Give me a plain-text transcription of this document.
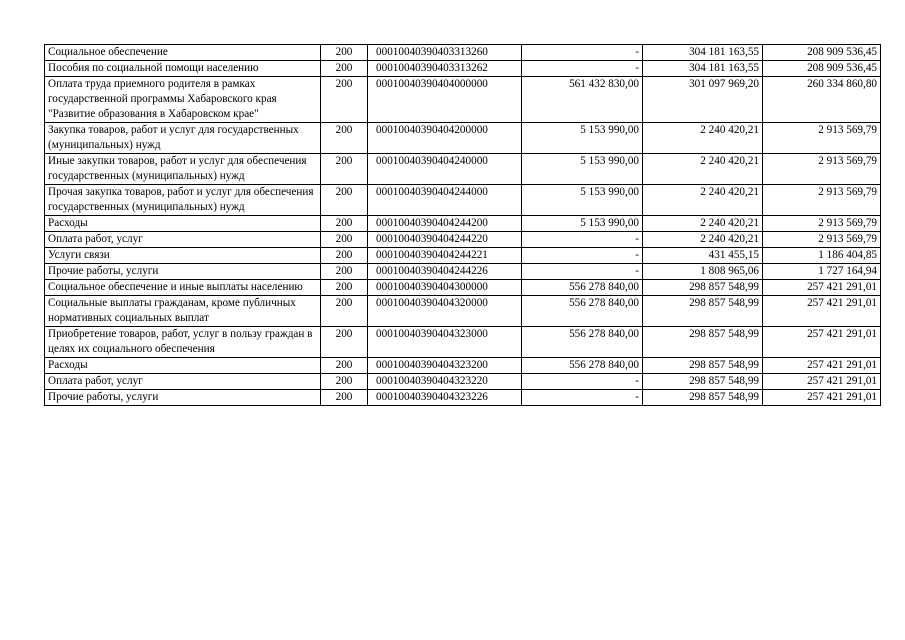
Социальное обеспечение	200	00010040390403313260	-	304 181 163,55	208 909 536,45
Пособия по социальной помощи населению	200	00010040390403313262	-	304 181 163,55	208 909 536,45
Оплата труда приемного родителя в рамках государственной программы Хабаровского края "Развитие образования в Хабаровском крае"	200	00010040390404000000	561 432 830,00	301 097 969,20	260 334 860,80
Закупка товаров, работ и услуг для государственных (муниципальных) нужд	200	00010040390404200000	5 153 990,00	2 240 420,21	2 913 569,79
Иные закупки товаров, работ и услуг для обеспечения государственных (муниципальных) нужд	200	00010040390404240000	5 153 990,00	2 240 420,21	2 913 569,79
Прочая закупка товаров, работ и услуг для обеспечения государственных (муниципальных) нужд	200	00010040390404244000	5 153 990,00	2 240 420,21	2 913 569,79
Расходы	200	00010040390404244200	5 153 990,00	2 240 420,21	2 913 569,79
Оплата работ, услуг	200	00010040390404244220	-	2 240 420,21	2 913 569,79
Услуги связи	200	00010040390404244221	-	431 455,15	1 186 404,85
Прочие работы, услуги	200	00010040390404244226	-	1 808 965,06	1 727 164,94
Социальное обеспечение и иные выплаты населению	200	00010040390404300000	556 278 840,00	298 857 548,99	257 421 291,01
Социальные выплаты гражданам, кроме публичных нормативных социальных выплат	200	00010040390404320000	556 278 840,00	298 857 548,99	257 421 291,01
Приобретение товаров, работ, услуг в пользу граждан в целях их социального обеспечения	200	00010040390404323000	556 278 840,00	298 857 548,99	257 421 291,01
Расходы	200	00010040390404323200	556 278 840,00	298 857 548,99	257 421 291,01
Оплата работ, услуг	200	00010040390404323220	-	298 857 548,99	257 421 291,01
Прочие работы, услуги	200	00010040390404323226	-	298 857 548,99	257 421 291,01
